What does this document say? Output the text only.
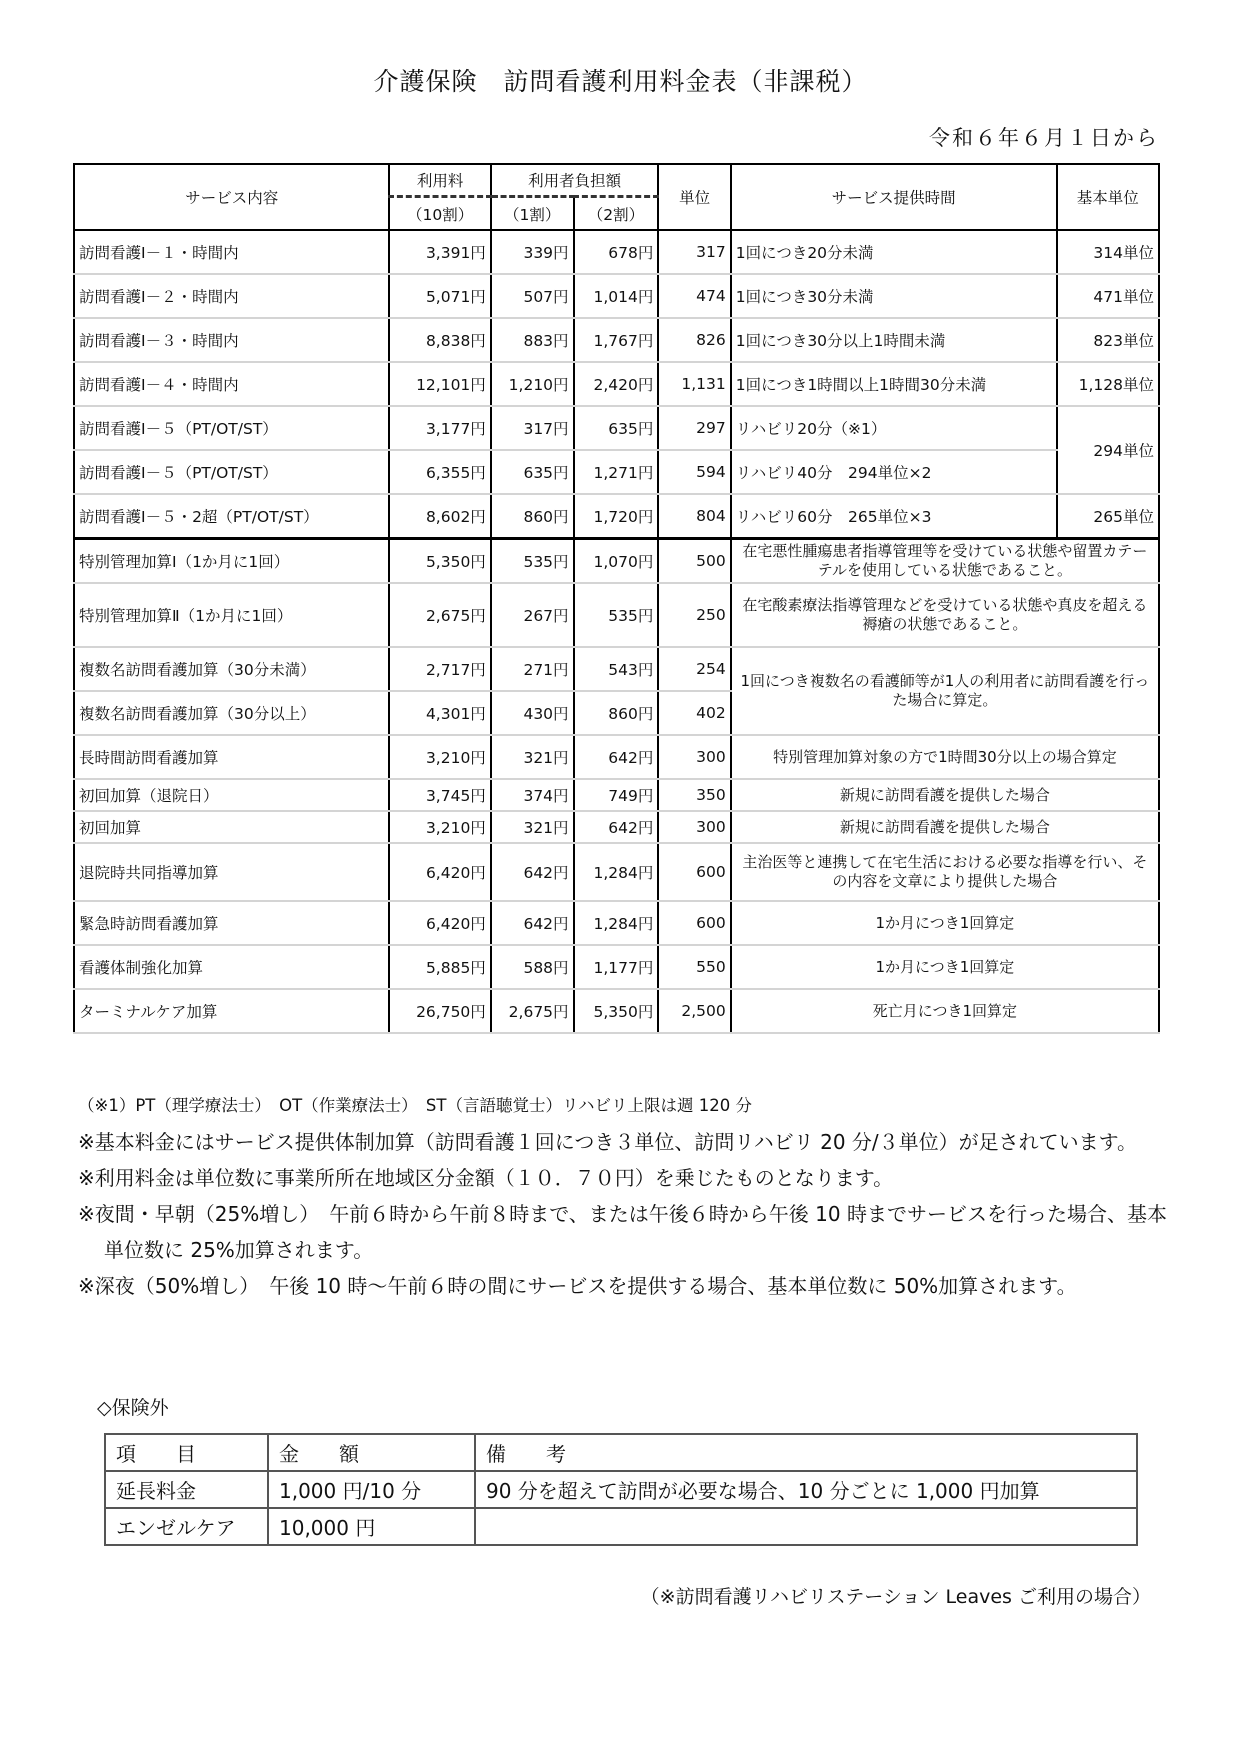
介護保険　訪問看護利用料金表（非課税）
令和６年６月１日から
サービス内容	利用料	利用者負担額		単位	サービス提供時間	基本単位
	（10割）	（1割）	（2割）			
訪問看護Ⅰ－１・時間内	3,391円	339円	678円	317	1回につき20分未満	314単位
訪問看護Ⅰ－２・時間内	5,071円	507円	1,014円	474	1回につき30分未満	471単位
訪問看護Ⅰ－３・時間内	8,838円	883円	1,767円	826	1回につき30分以上1時間未満	823単位
訪問看護Ⅰ－４・時間内	12,101円	1,210円	2,420円	1,131	1回につき1時間以上1時間30分未満	1,128単位
訪問看護Ⅰ－５（PT/OT/ST）	3,177円	317円	635円	297	リハビリ20分（※1）	294単位
訪問看護Ⅰ－５（PT/OT/ST）	6,355円	635円	1,271円	594	リハビリ40分　294単位×2	
訪問看護Ⅰ－５・2超（PT/OT/ST）	8,602円	860円	1,720円	804	リハビリ60分　265単位×3	265単位
特別管理加算Ⅰ（1か月に1回）	5,350円	535円	1,070円	500	在宅悪性腫瘍患者指導管理等を受けている状態や留置カテーテルを使用している状態であること。	
特別管理加算Ⅱ（1か月に1回）	2,675円	267円	535円	250	在宅酸素療法指導管理などを受けている状態や真皮を超える褥瘡の状態であること。	
複数名訪問看護加算（30分未満）	2,717円	271円	543円	254	1回につき複数名の看護師等が1人の利用者に訪問看護を行った場合に算定。	
複数名訪問看護加算（30分以上）	4,301円	430円	860円	402		
長時間訪問看護加算	3,210円	321円	642円	300	特別管理加算対象の方で1時間30分以上の場合算定	
初回加算（退院日）	3,745円	374円	749円	350	新規に訪問看護を提供した場合	
初回加算	3,210円	321円	642円	300	新規に訪問看護を提供した場合	
退院時共同指導加算	6,420円	642円	1,284円	600	主治医等と連携して在宅生活における必要な指導を行い、その内容を文章により提供した場合	
緊急時訪問看護加算	6,420円	642円	1,284円	600	1か月につき1回算定	
看護体制強化加算	5,885円	588円	1,177円	550	1か月につき1回算定	
ターミナルケア加算	26,750円	2,675円	5,350円	2,500	死亡月につき1回算定	
（※1）PT（理学療法士）　OT（作業療法士）　ST（言語聴覚士）リハビリ上限は週 120 分
※基本料金にはサービス提供体制加算（訪問看護１回につき３単位、訪問リハビリ 20 分/３単位）が足されています。
※利用料金は単位数に事業所所在地域区分金額（１０．７０円）を乗じたものとなります。
※夜間・早朝（25%増し）　午前６時から午前８時まで、または午後６時から午後 10 時までサービスを行った場合、基本単位数に 25%加算されます。
※深夜（50%増し）　午後 10 時～午前６時の間にサービスを提供する場合、基本単位数に 50%加算されます。
◇保険外
項　　目	金　　額	備　　考
延長料金	1,000 円/10 分	90 分を超えて訪問が必要な場合、10 分ごとに 1,000 円加算
エンゼルケア	10,000 円	
（※訪問看護リハビリステーション Leaves ご利用の場合）
